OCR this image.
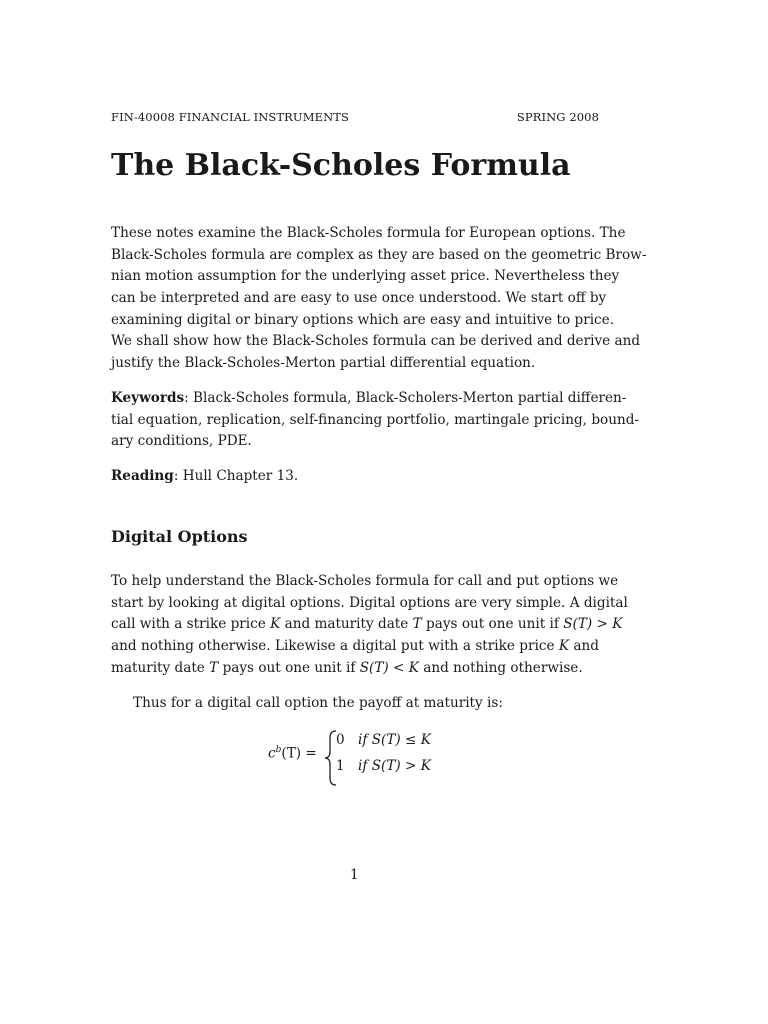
FIN-40008 FINANCIAL INSTRUMENTS	SPRING 2008
The Black-Scholes Formula
These notes examine the Black-Scholes formula for European options. The
Black-Scholes formula are complex as they are based on the geometric Brow-
nian motion assumption for the underlying asset price. Nevertheless they
can be interpreted and are easy to use once understood. We start off by
examining digital or binary options which are easy and intuitive to price.
We shall show how the Black-Scholes formula can be derived and derive and
justify the Black-Scholes-Merton partial differential equation.
Keywords: Black-Scholes formula, Black-Scholers-Merton partial differen-
tial equation, replication, self-financing portfolio, martingale pricing, bound-
ary conditions, PDE.
Reading: Hull Chapter 13.
Digital Options
To help understand the Black-Scholes formula for call and put options we
start by looking at digital options. Digital options are very simple. A digital
call with a strike price K and maturity date T pays out one unit if S(T) > K
and nothing otherwise. Likewise a digital put with a strike price K and
maturity date T pays out one unit if S(T) < K and nothing otherwise.
Thus for a digital call option the payoff at maturity is:
$c^b(T)$ =
0 if S(T) ≤ K
1 if S(T) > K
1
